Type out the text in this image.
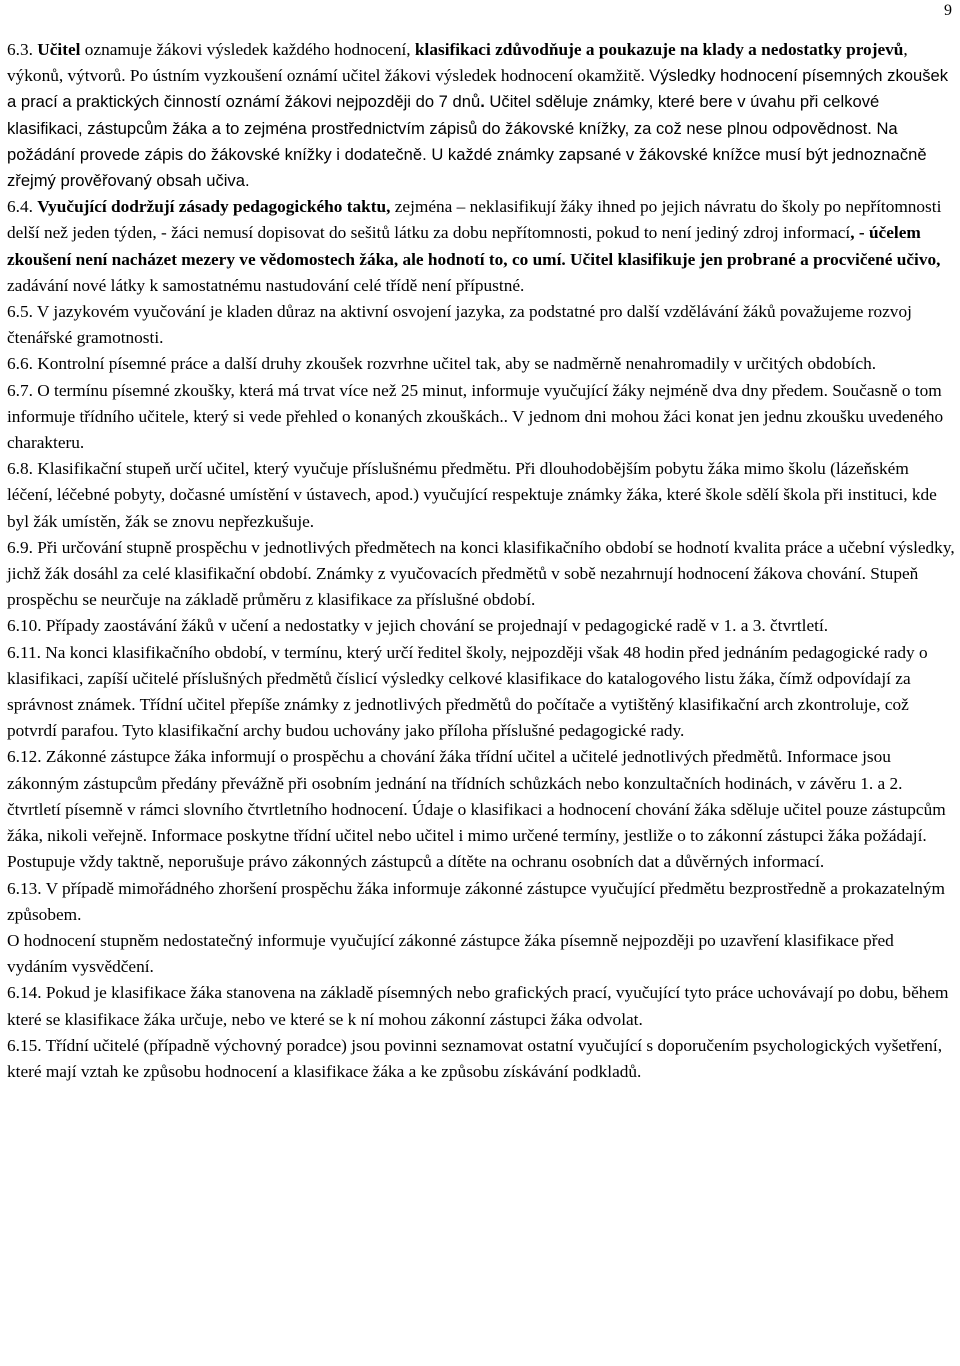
9

6.3. Učitel oznamuje žákovi výsledek každého hodnocení, klasifikaci zdůvodňuje a poukazuje na klady a nedostatky projevů, výkonů, výtvorů. Po ústním vyzkoušení oznámí učitel žákovi výsledek hodnocení okamžitě. Výsledky hodnocení písemných zkoušek a prací a praktických činností oznámí žákovi nejpozději do 7 dnů. Učitel sděluje známky, které bere v úvahu při celkové klasifikaci, zástupcům žáka a to zejména prostřednictvím zápisů do žákovské knížky, za což nese plnou odpovědnost. Na požádání provede zápis do žákovské knížky i dodatečně. U každé známky zapsané v žákovské knížce musí být jednoznačně zřejmý prověřovaný obsah učiva.

6.4. Vyučující dodržují zásady pedagogického taktu, zejména – neklasifikují žáky ihned po jejich návratu do školy po nepřítomnosti delší než jeden týden, - žáci nemusí dopisovat do sešitů látku za dobu nepřítomnosti, pokud to není jediný zdroj informací, - účelem zkoušení není nacházet mezery ve vědomostech žáka, ale hodnotí to, co umí. Učitel klasifikuje jen probrané a procvičené učivo, zadávání nové látky k samostatnému nastudování celé třídě není přípustné.

6.5. V jazykovém vyučování je kladen důraz na aktivní osvojení jazyka, za podstatné pro další vzdělávání žáků považujeme rozvoj čtenářské gramotnosti.

6.6. Kontrolní písemné práce a další druhy zkoušek rozvrhne učitel tak, aby se nadměrně nenahromadily v určitých obdobích.

6.7. O termínu písemné zkoušky, která má trvat více než 25 minut, informuje vyučující žáky nejméně dva dny předem. Současně o tom informuje třídního učitele, který si vede přehled o konaných zkouškách.. V jednom dni mohou žáci konat jen jednu zkoušku uvedeného charakteru.

6.8. Klasifikační stupeň určí učitel, který vyučuje příslušnému předmětu. Při dlouhodobějším pobytu žáka mimo školu (lázeňském léčení, léčebné pobyty, dočasné umístění v ústavech, apod.) vyučující respektuje známky žáka, které škole sdělí škola při instituci, kde byl žák umístěn, žák se znovu nepřezkušuje.

6.9. Při určování stupně prospěchu v jednotlivých předmětech na konci klasifikačního období se hodnotí kvalita práce a učební výsledky, jichž žák dosáhl za celé klasifikační období. Známky z vyučovacích předmětů v sobě nezahrnují hodnocení žákova chování. Stupeň prospěchu se neurčuje na základě průměru z klasifikace za příslušné období.

6.10. Případy zaostávání žáků v učení a nedostatky v jejich chování se projednají v pedagogické radě v 1. a 3. čtvrtletí.

6.11. Na konci klasifikačního období, v termínu, který určí ředitel školy, nejpozději však 48 hodin před jednáním pedagogické rady o klasifikaci, zapíší učitelé příslušných předmětů číslicí výsledky celkové klasifikace do katalogového listu žáka, čímž odpovídají za správnost známek. Třídní učitel přepíše známky z jednotlivých předmětů do počítače a vytištěný klasifikační arch zkontroluje, což potvrdí parafou. Tyto klasifikační archy budou uchovány jako příloha příslušné pedagogické rady.

6.12. Zákonné zástupce žáka informují o prospěchu a chování žáka třídní učitel a učitelé jednotlivých předmětů. Informace jsou zákonným zástupcům předány převážně při osobním jednání na třídních schůzkách nebo konzultačních hodinách, v závěru 1. a 2. čtvrtletí písemně v rámci slovního čtvrtletního hodnocení. Údaje o klasifikaci a hodnocení chování žáka sděluje učitel pouze zástupcům žáka, nikoli veřejně. Informace poskytne třídní učitel nebo učitel i mimo určené termíny, jestliže o to zákonní zástupci žáka požádají. Postupuje vždy taktně, neporušuje právo zákonných zástupců a dítěte na ochranu osobních dat a důvěrných informací.

6.13. V případě mimořádného zhoršení prospěchu žáka informuje zákonné zástupce vyučující předmětu bezprostředně a prokazatelným způsobem.

O hodnocení stupněm nedostatečný informuje vyučující zákonné zástupce žáka písemně nejpozději po uzavření klasifikace před vydáním vysvědčení.

6.14. Pokud je klasifikace žáka stanovena na základě písemných nebo grafických prací, vyučující tyto práce uchovávají po dobu, během které se klasifikace žáka určuje, nebo ve které se k ní mohou zákonní zástupci žáka odvolat.

6.15. Třídní učitelé (případně výchovný poradce) jsou povinni seznamovat ostatní vyučující s doporučením psychologických vyšetření, které mají vztah ke způsobu hodnocení a klasifikace žáka a ke způsobu získávání podkladů.
